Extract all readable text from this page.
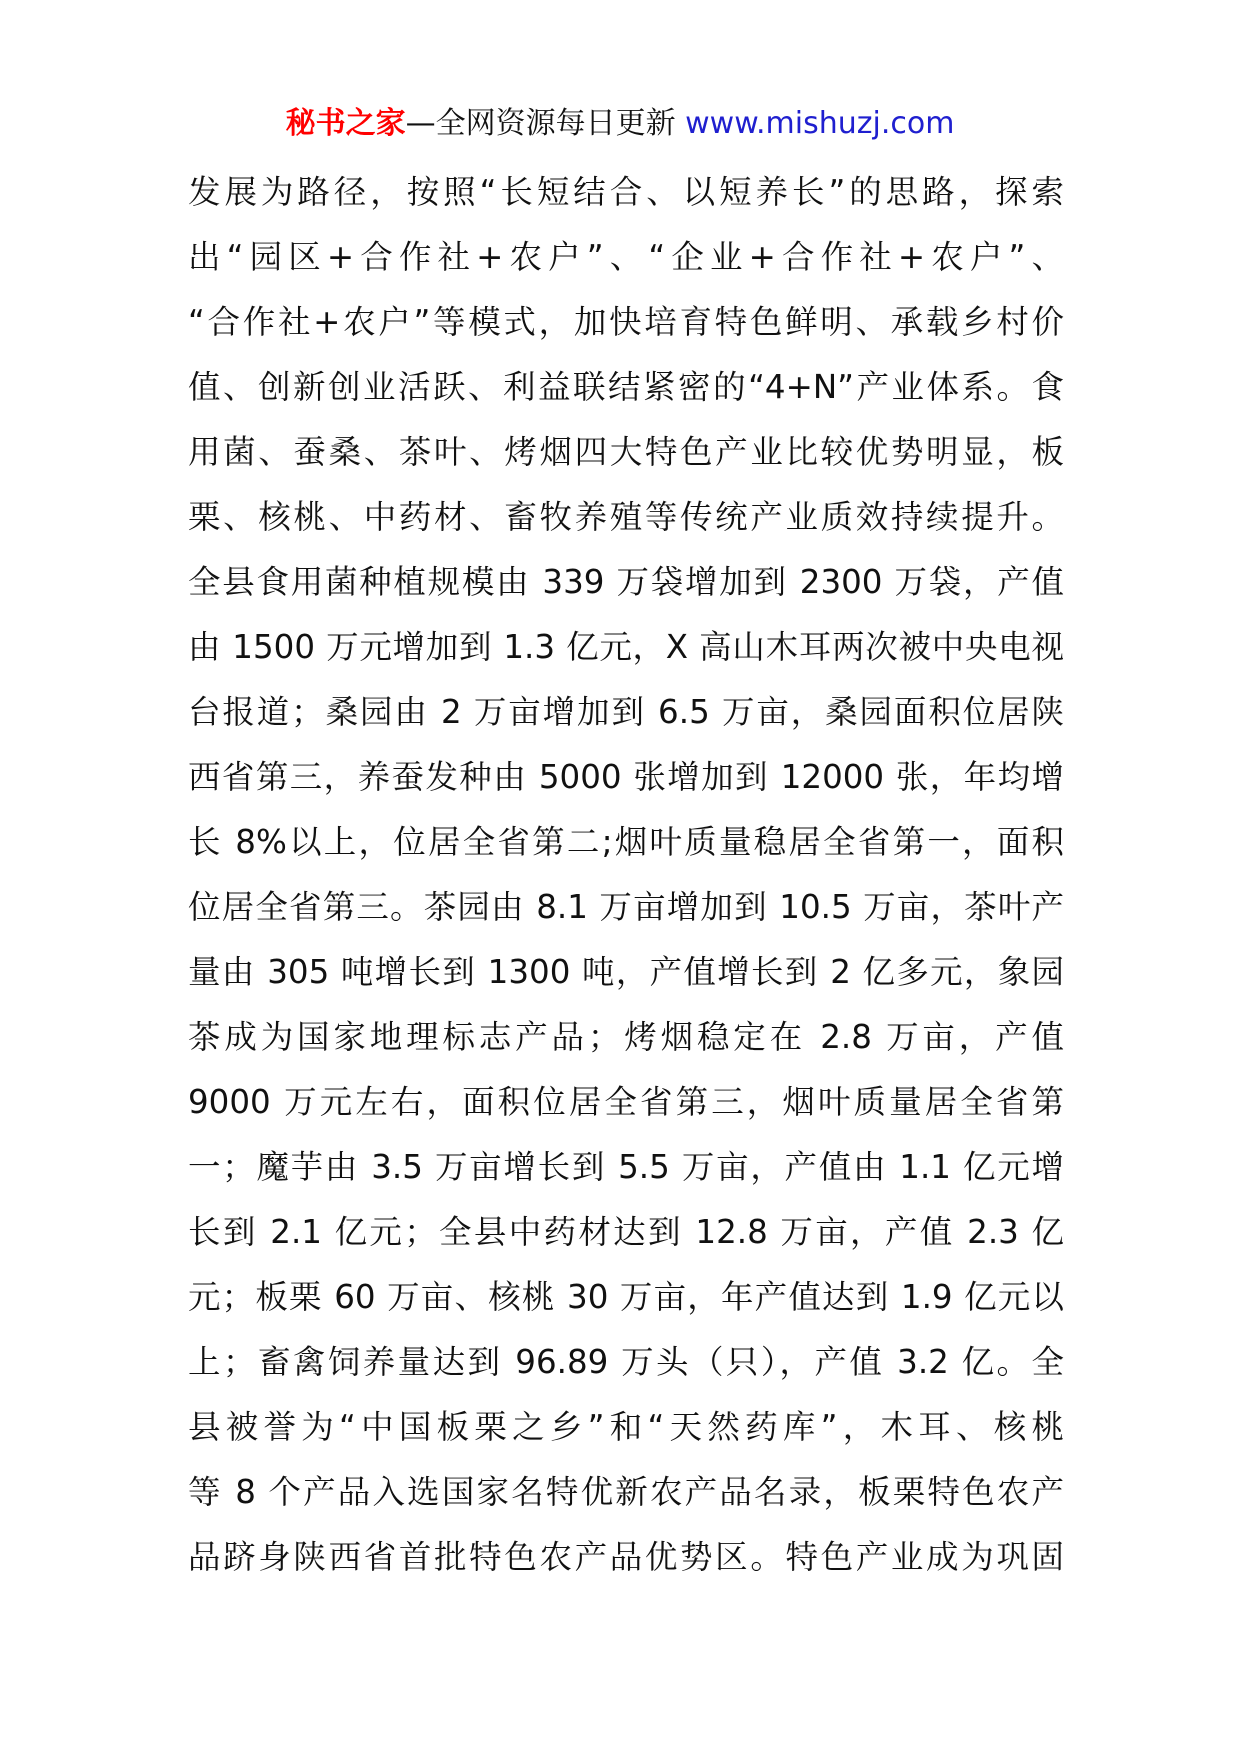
秘书之家—全网资源每日更新 www.mishuzj.com
发展为路径，按照“长短结合、以短养长”的思路，探索
出“园区+合作社+农户”、“企业+合作社+农户”、
“合作社+农户”等模式，加快培育特色鲜明、承载乡村价
值、创新创业活跃、利益联结紧密的“4+N”产业体系。食
用菌、蚕桑、茶叶、烤烟四大特色产业比较优势明显，板
栗、核桃、中药材、畜牧养殖等传统产业质效持续提升。
全县食用菌种植规模由 339 万袋增加到 2300 万袋，产值
由 1500 万元增加到 1.3 亿元，X 高山木耳两次被中央电视
台报道；桑园由 2 万亩增加到 6.5 万亩，桑园面积位居陕
西省第三，养蚕发种由 5000 张增加到 12000 张，年均增
长 8%以上，位居全省第二;烟叶质量稳居全省第一，面积
位居全省第三。茶园由 8.1 万亩增加到 10.5 万亩，茶叶产
量由 305 吨增长到 1300 吨，产值增长到 2 亿多元，象园
茶成为国家地理标志产品；烤烟稳定在 2.8 万亩，产值
9000 万元左右，面积位居全省第三，烟叶质量居全省第
一；魔芋由 3.5 万亩增长到 5.5 万亩，产值由 1.1 亿元增
长到 2.1 亿元；全县中药材达到 12.8 万亩，产值 2.3 亿
元；板栗 60 万亩、核桃 30 万亩，年产值达到 1.9 亿元以
上；畜禽饲养量达到 96.89 万头（只），产值 3.2 亿。全
县被誉为“中国板栗之乡”和“天然药库”，木耳、核桃
等 8 个产品入选国家名特优新农产品名录，板栗特色农产
品跻身陕西省首批特色农产品优势区。特色产业成为巩固
